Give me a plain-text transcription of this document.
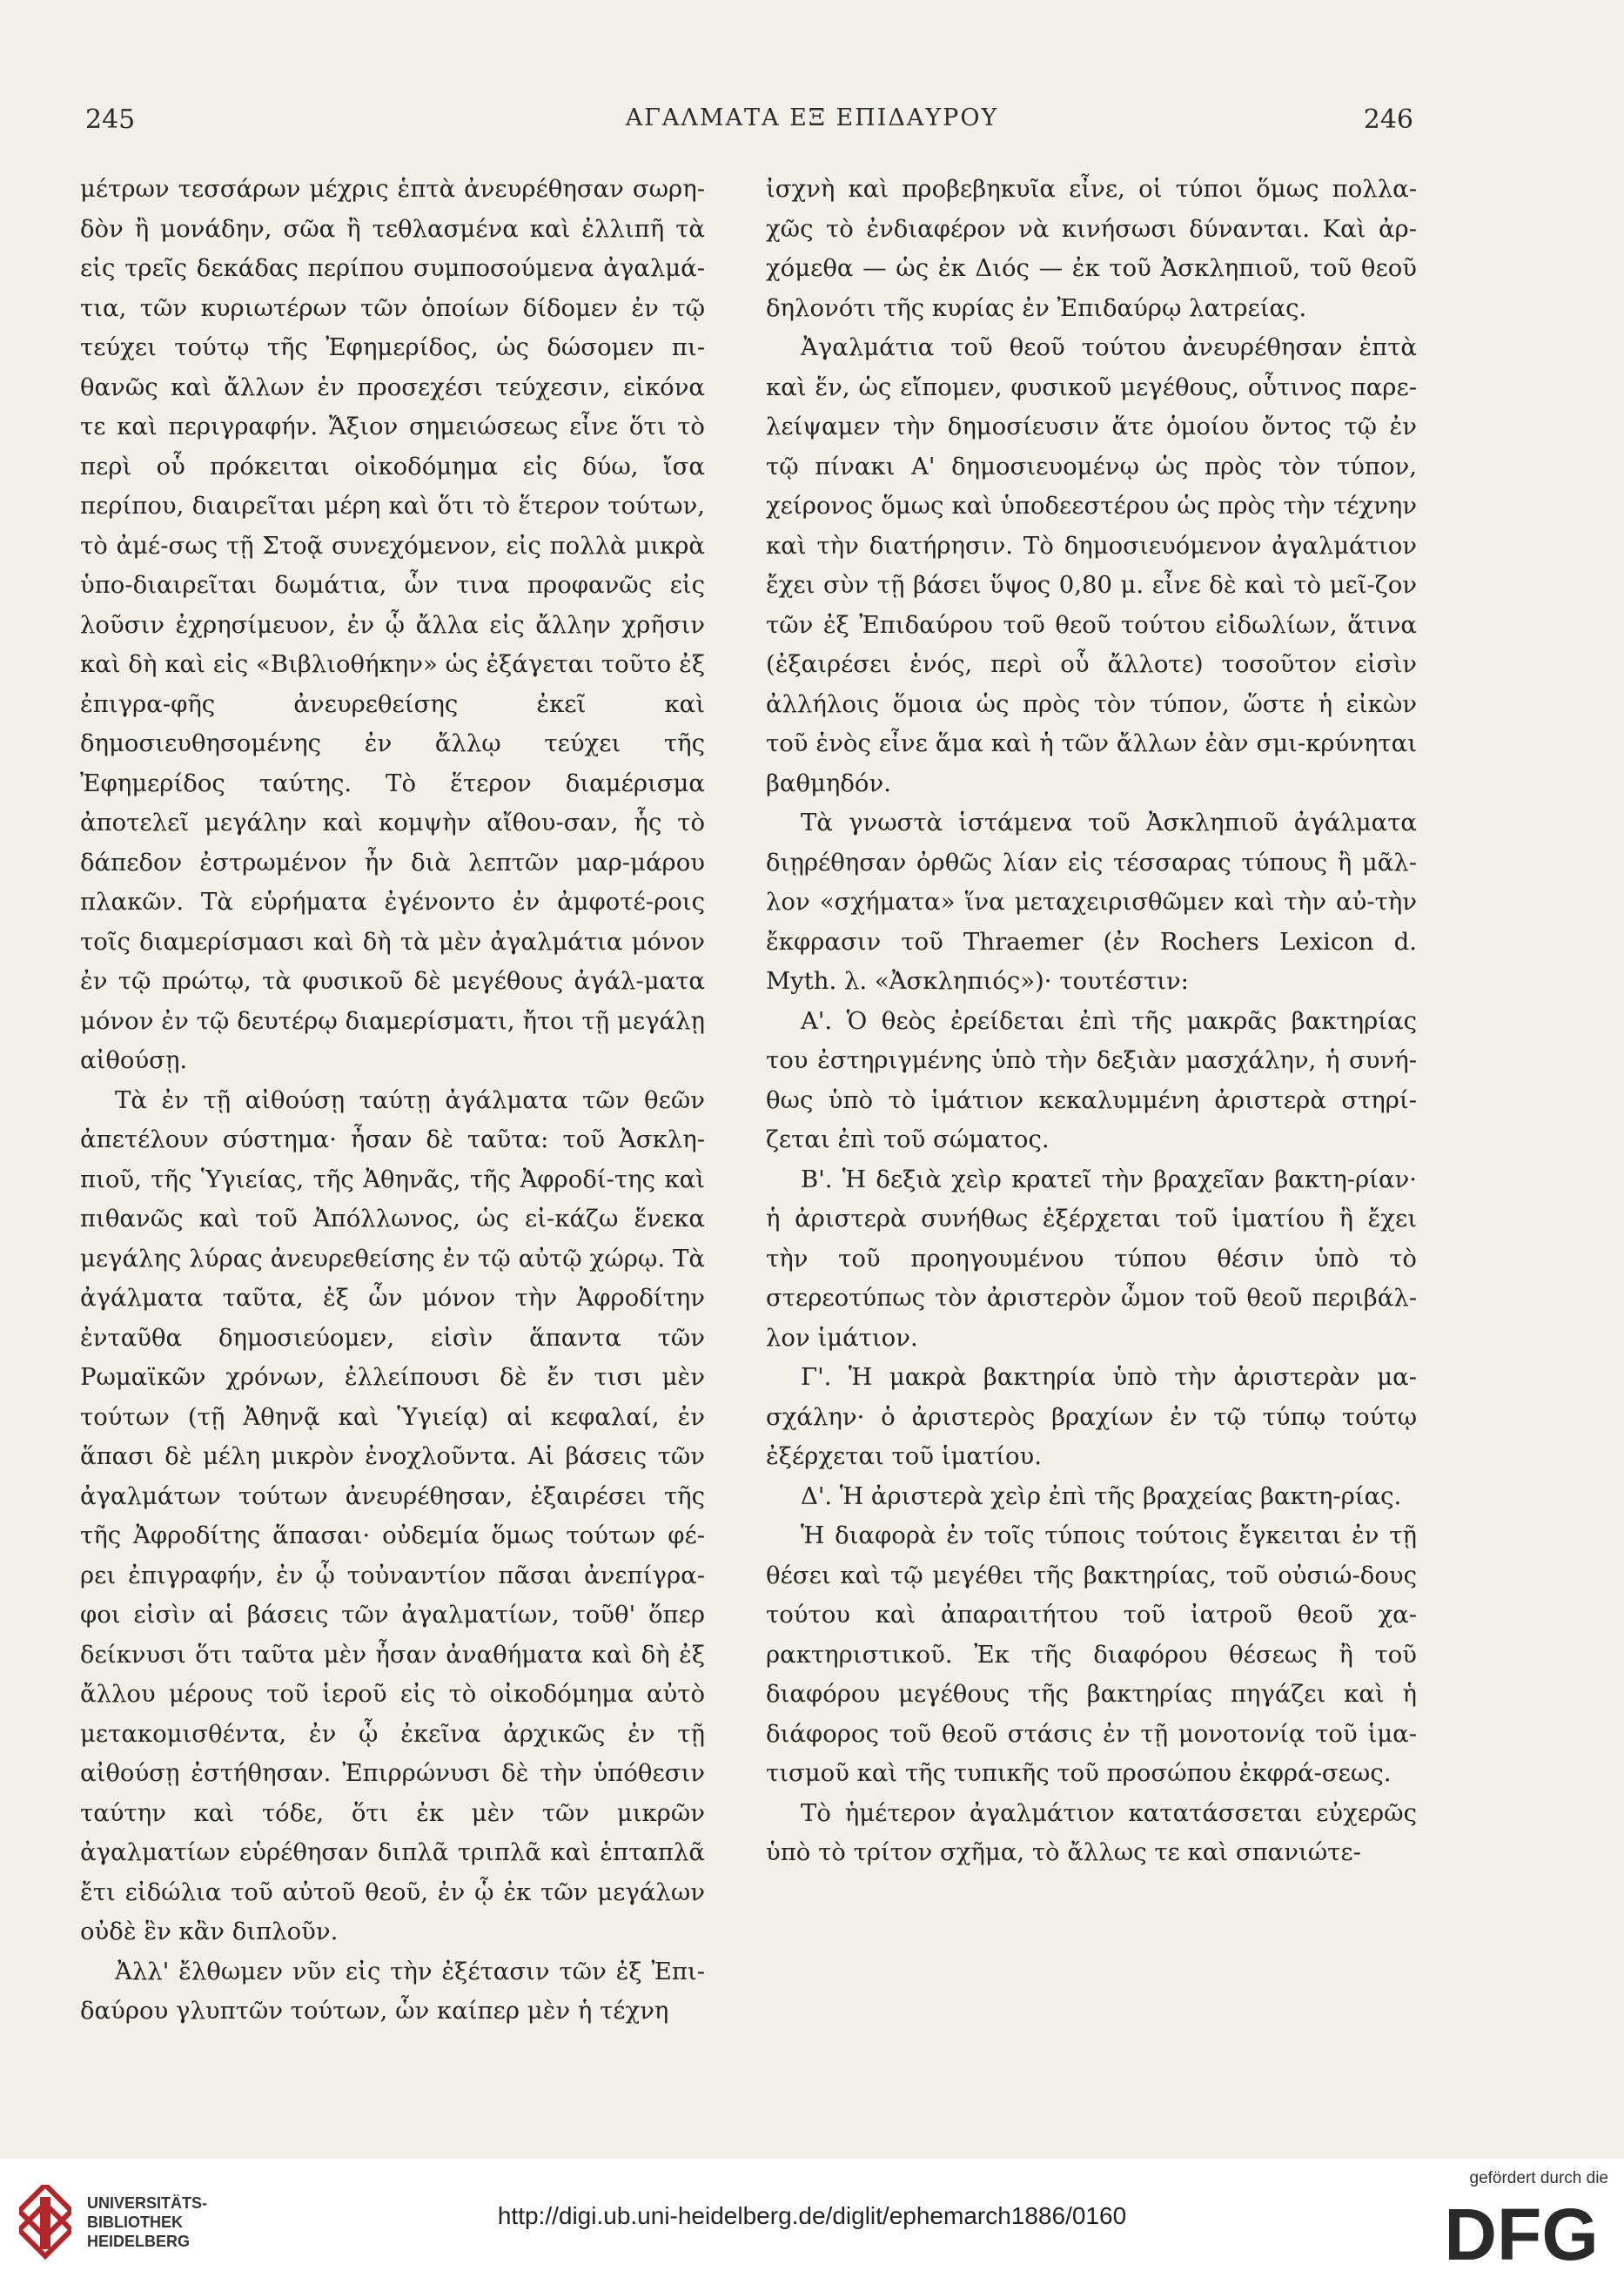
245	ΑΓΑΛΜΑΤΑ ΕΞ ΕΠΙΔΑΥΡΟΥ	246

μέτρων τεσσάρων μέχρις ἑπτὰ ἀνευρέθησαν σωρη-δὸν ἢ μονάδην, σῶα ἢ τεθλασμένα καὶ ἐλλιπῆ τὰ εἰς τρεῖς δεκάδας περίπου συμποσούμενα ἀγαλμά-τια, τῶν κυριωτέρων τῶν ὁποίων δίδομεν ἐν τῷ τεύχει τούτῳ τῆς Ἐφημερίδος, ὡς δώσομεν πι-θανῶς καὶ ἄλλων ἐν προσεχέσι τεύχεσιν, εἰκόνα τε καὶ περιγραφήν. Ἄξιον σημειώσεως εἶνε ὅτι τὸ περὶ οὗ πρόκειται οἰκοδόμημα εἰς δύω, ἴσα περίπου, διαιρεῖται μέρη καὶ ὅτι τὸ ἕτερον τούτων, τὸ ἀμέ-σως τῇ Στοᾷ συνεχόμενον, εἰς πολλὰ μικρὰ ὑπο-διαιρεῖται δωμάτια, ὧν τινα προφανῶς εἰς λοῦσιν ἐχρησίμευον, ἐν ᾧ ἄλλα εἰς ἄλλην χρῆσιν καὶ δὴ καὶ εἰς «Βιβλιοθήκην» ὡς ἐξάγεται τοῦτο ἐξ ἐπιγρα-φῆς ἀνευρεθείσης ἐκεῖ καὶ δημοσιευθησομένης ἐν ἄλλῳ τεύχει τῆς Ἐφημερίδος ταύτης. Τὸ ἕτερον διαμέρισμα ἀποτελεῖ μεγάλην καὶ κομψὴν αἴθου-σαν, ἧς τὸ δάπεδον ἐστρωμένον ἦν διὰ λεπτῶν μαρ-μάρου πλακῶν. Τὰ εὑρήματα ἐγένοντο ἐν ἀμφοτέ-ροις τοῖς διαμερίσμασι καὶ δὴ τὰ μὲν ἀγαλμάτια μόνον ἐν τῷ πρώτῳ, τὰ φυσικοῦ δὲ μεγέθους ἀγάλ-ματα μόνον ἐν τῷ δευτέρῳ διαμερίσματι, ἤτοι τῇ μεγάλῃ αἰθούσῃ.

Τὰ ἐν τῇ αἰθούσῃ ταύτῃ ἀγάλματα τῶν θεῶν ἀπετέλουν σύστημα· ἦσαν δὲ ταῦτα: τοῦ Ἀσκλη-πιοῦ, τῆς Ὑγιείας, τῆς Ἀθηνᾶς, τῆς Ἀφροδί-της καὶ πιθανῶς καὶ τοῦ Ἀπόλλωνος, ὡς εἰ-κάζω ἕνεκα μεγάλης λύρας ἀνευρεθείσης ἐν τῷ αὐτῷ χώρῳ. Τὰ ἀγάλματα ταῦτα, ἐξ ὧν μόνον τὴν Ἀφροδίτην ἐνταῦθα δημοσιεύομεν, εἰσὶν ἅπαντα τῶν Ρωμαϊκῶν χρόνων, ἐλλείπουσι δὲ ἔν τισι μὲν τούτων (τῇ Ἀθηνᾷ καὶ Ὑγιείᾳ) αἱ κεφαλαί, ἐν ἅπασι δὲ μέλη μικρὸν ἐνοχλοῦντα. Αἱ βάσεις τῶν ἀγαλμάτων τούτων ἀνευρέθησαν, ἐξαιρέσει τῆς τῆς Ἀφροδίτης ἅπασαι· οὐδεμία ὅμως τούτων φέ-ρει ἐπιγραφήν, ἐν ᾧ τοὐναντίον πᾶσαι ἀνεπίγρα-φοι εἰσὶν αἱ βάσεις τῶν ἀγαλματίων, τοῦθ' ὅπερ δείκνυσι ὅτι ταῦτα μὲν ἦσαν ἀναθήματα καὶ δὴ ἐξ ἄλλου μέρους τοῦ ἱεροῦ εἰς τὸ οἰκοδόμημα αὐτὸ μετακομισθέντα, ἐν ᾧ ἐκεῖνα ἀρχικῶς ἐν τῇ αἰθούσῃ ἐστήθησαν. Ἐπιρρώνυσι δὲ τὴν ὑπόθεσιν ταύτην καὶ τόδε, ὅτι ἐκ μὲν τῶν μικρῶν ἀγαλματίων εὑρέθησαν διπλᾶ τριπλᾶ καὶ ἑπταπλᾶ ἔτι εἰδώλια τοῦ αὐτοῦ θεοῦ, ἐν ᾧ ἐκ τῶν μεγάλων οὐδὲ ἓν κἂν διπλοῦν.

Ἀλλ' ἔλθωμεν νῦν εἰς τὴν ἐξέτασιν τῶν ἐξ Ἐπι-δαύρου γλυπτῶν τούτων, ὧν καίπερ μὲν ἡ τέχνη

ἰσχνὴ καὶ προβεβηκυῖα εἶνε, οἱ τύποι ὅμως πολλα-χῶς τὸ ἐνδιαφέρον νὰ κινήσωσι δύνανται. Καὶ ἀρ-χόμεθα — ὡς ἐκ Διός — ἐκ τοῦ Ἀσκληπιοῦ, τοῦ θεοῦ δηλονότι τῆς κυρίας ἐν Ἐπιδαύρῳ λατρείας.

Ἀγαλμάτια τοῦ θεοῦ τούτου ἀνευρέθησαν ἑπτὰ καὶ ἕν, ὡς εἴπομεν, φυσικοῦ μεγέθους, οὗτινος παρε-λείψαμεν τὴν δημοσίευσιν ἅτε ὁμοίου ὄντος τῷ ἐν τῷ πίνακι Α' δημοσιευομένῳ ὡς πρὸς τὸν τύπον, χείρονος ὅμως καὶ ὑποδεεστέρου ὡς πρὸς τὴν τέχνην καὶ τὴν διατήρησιν. Τὸ δημοσιευόμενον ἀγαλμάτιον ἔχει σὺν τῇ βάσει ὕψος 0,80 μ. εἶνε δὲ καὶ τὸ μεῖ-ζον τῶν ἐξ Ἐπιδαύρου τοῦ θεοῦ τούτου εἰδωλίων, ἅτινα (ἐξαιρέσει ἑνός, περὶ οὗ ἄλλοτε) τοσοῦτον εἰσὶν ἀλλήλοις ὅμοια ὡς πρὸς τὸν τύπον, ὥστε ἡ εἰκὼν τοῦ ἑνὸς εἶνε ἅμα καὶ ἡ τῶν ἄλλων ἐὰν σμι-κρύνηται βαθμηδόν.

Τὰ γνωστὰ ἱστάμενα τοῦ Ἀσκληπιοῦ ἀγάλματα διῃρέθησαν ὀρθῶς λίαν εἰς τέσσαρας τύπους ἢ μᾶλ-λον «σχήματα» ἵνα μεταχειρισθῶμεν καὶ τὴν αὐ-τὴν ἔκφρασιν τοῦ Thraemer (ἐν Rochers Lexicon d. Myth. λ. «Ἀσκληπιός»)· τουτέστιν:

Α'. Ὁ θεὸς ἐρείδεται ἐπὶ τῆς μακρᾶς βακτηρίας του ἐστηριγμένης ὑπὸ τὴν δεξιὰν μασχάλην, ἡ συνή-θως ὑπὸ τὸ ἱμάτιον κεκαλυμμένη ἀριστερὰ στηρί-ζεται ἐπὶ τοῦ σώματος.

Β'. Ἡ δεξιὰ χεὶρ κρατεῖ τὴν βραχεῖαν βακτη-ρίαν· ἡ ἀριστερὰ συνήθως ἐξέρχεται τοῦ ἱματίου ἢ ἔχει τὴν τοῦ προηγουμένου τύπου θέσιν ὑπὸ τὸ στερεοτύπως τὸν ἀριστερὸν ὦμον τοῦ θεοῦ περιβάλ-λον ἱμάτιον.

Γ'. Ἡ μακρὰ βακτηρία ὑπὸ τὴν ἀριστερὰν μα-σχάλην· ὁ ἀριστερὸς βραχίων ἐν τῷ τύπῳ τούτῳ ἐξέρχεται τοῦ ἱματίου.

Δ'. Ἡ ἀριστερὰ χεὶρ ἐπὶ τῆς βραχείας βακτη-ρίας.

Ἡ διαφορὰ ἐν τοῖς τύποις τούτοις ἔγκειται ἐν τῇ θέσει καὶ τῷ μεγέθει τῆς βακτηρίας, τοῦ οὐσιώ-δους τούτου καὶ ἀπαραιτήτου τοῦ ἰατροῦ θεοῦ χα-ρακτηριστικοῦ. Ἐκ τῆς διαφόρου θέσεως ἢ τοῦ διαφόρου μεγέθους τῆς βακτηρίας πηγάζει καὶ ἡ διάφορος τοῦ θεοῦ στάσις ἐν τῇ μονοτονίᾳ τοῦ ἱμα-τισμοῦ καὶ τῆς τυπικῆς τοῦ προσώπου ἐκφρά-σεως.

Τὸ ἡμέτερον ἀγαλμάτιον κατατάσσεται εὐχερῶς ὑπὸ τὸ τρίτον σχῆμα, τὸ ἄλλως τε καὶ σπανιώτε-

UNIVERSITÄTS-
BIBLIOTHEK
HEIDELBERG
http://digi.ub.uni-heidelberg.de/diglit/ephemarch1886/0160
gefördert durch die
DFG
